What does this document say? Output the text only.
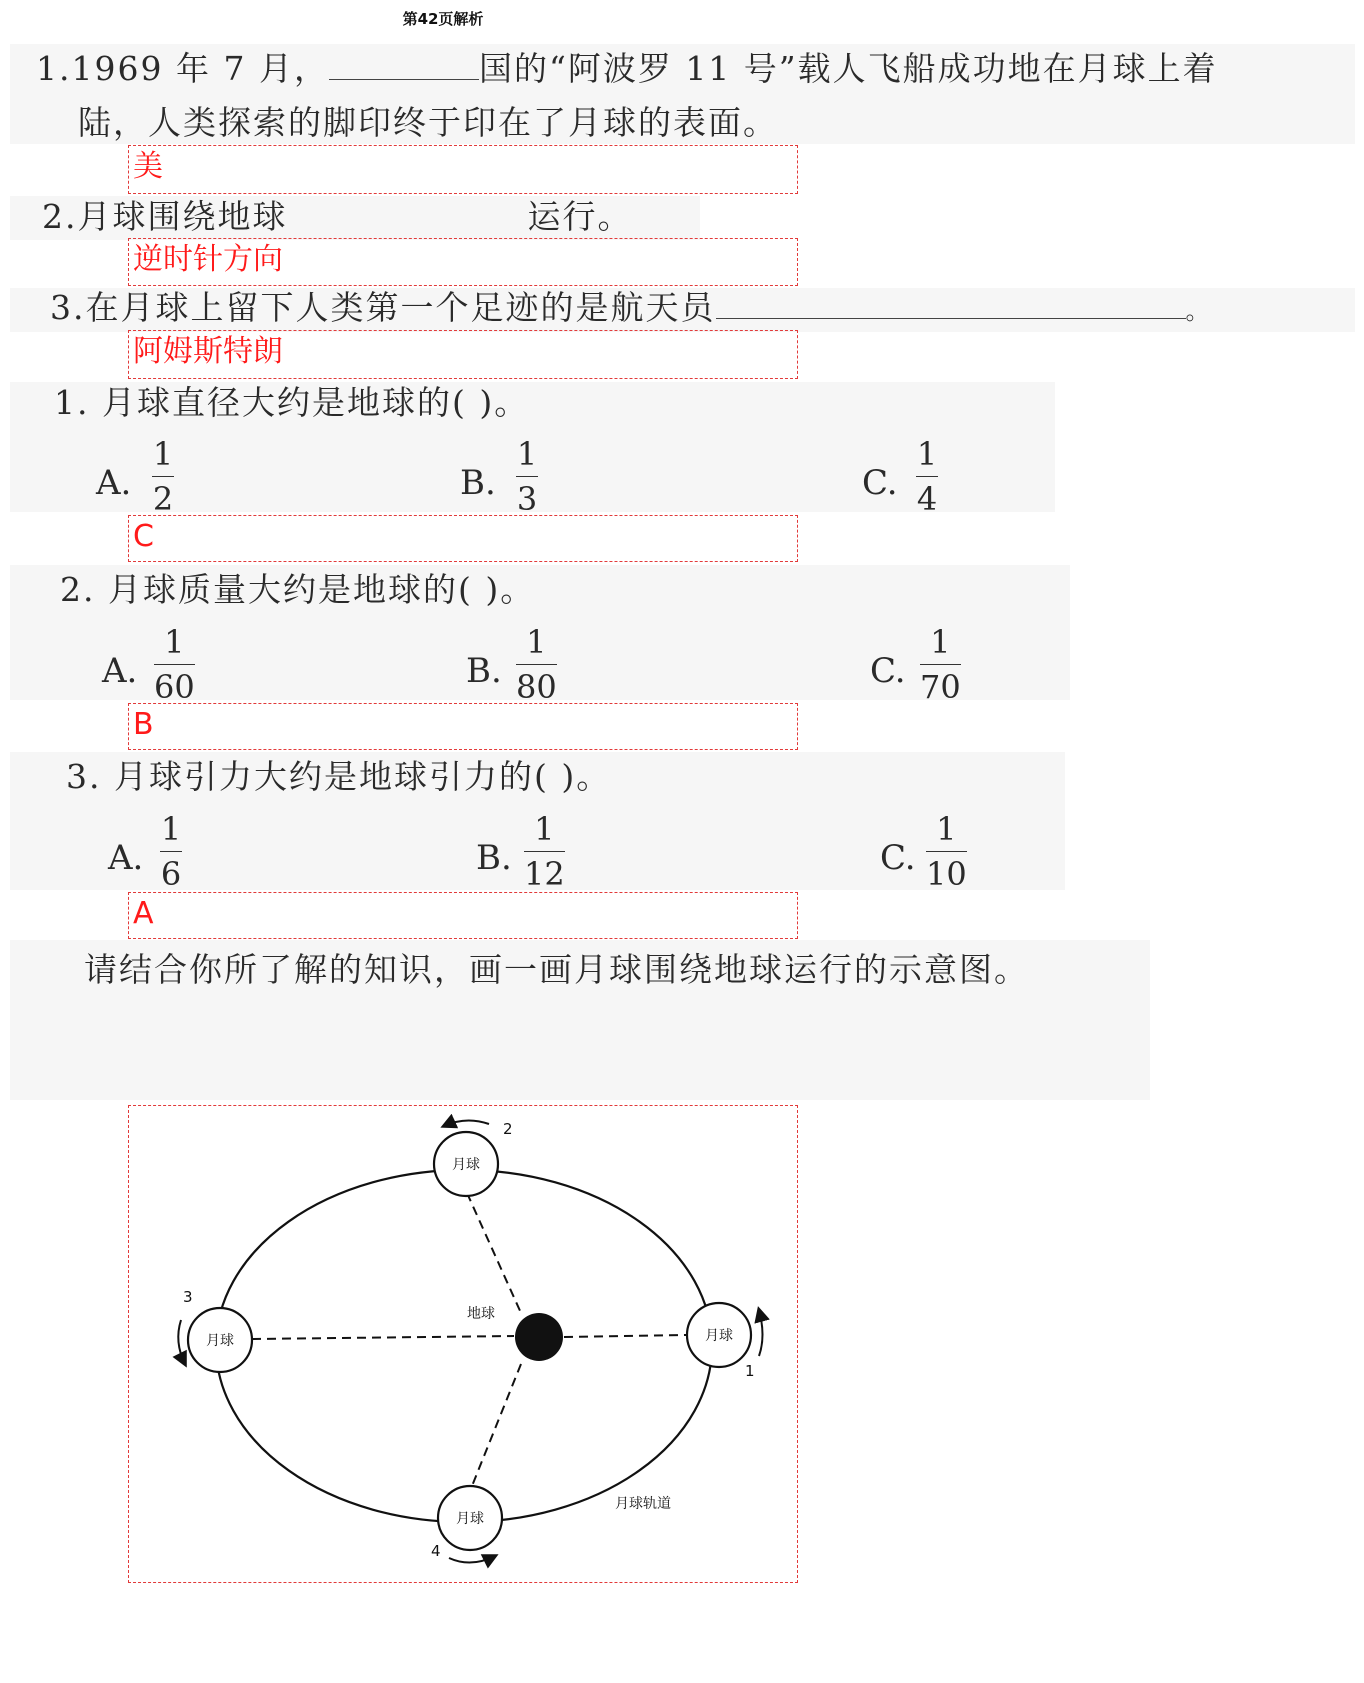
第42页解析
1.1969 年 7 月，	国的“阿波罗 11 号”载人飞船成功地在月球上着
陆，人类探索的脚印终于印在了月球的表面。
美
2.月球围绕地球	运行。
逆时针方向
3.在月球上留下人类第一个足迹的是航天员	。
阿姆斯特朗
1. 月球直径大约是地球的( )。
A.
1
2	B.
1
3	C.
1
4
C
2. 月球质量大约是地球的( )。
A.
1
60	B.
1
80	C.
1
70
B
3. 月球引力大约是地球引力的( )。
A.
1
6	B.
1
12	C.
1
10
A
请结合你所了解的知识，画一画月球围绕地球运行的示意图。
地球
月球
月球
月球
月球
1
2
3
4
月球轨道
